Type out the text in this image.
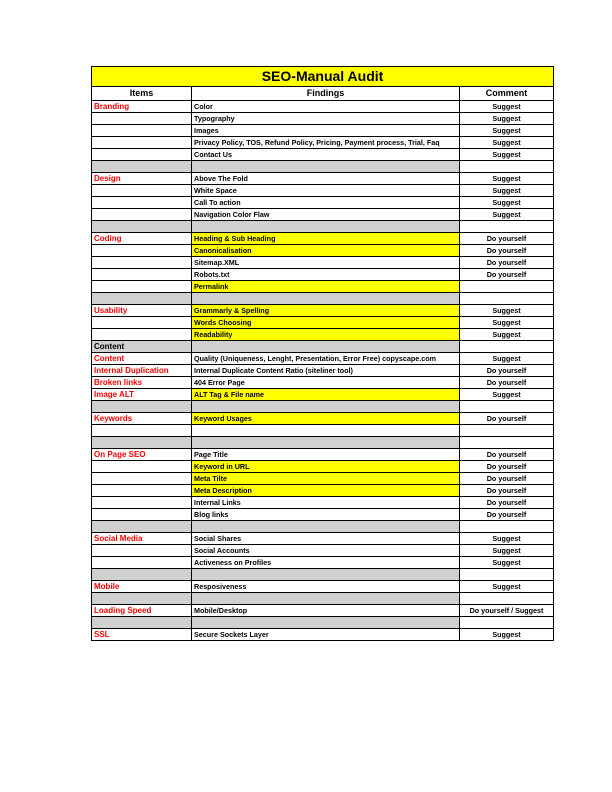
SEO-Manual Audit		
Items	Findings	Comment
Branding	Color	Suggest
	Typography	Suggest
	Images	Suggest
	Privacy Policy, TOS, Refund Policy, Pricing, Payment process, Trial, Faq	Suggest
	Contact Us	Suggest

Design	Above The Fold	Suggest
	White Space	Suggest
	Call To action	Suggest
	Navigation Color Flaw	Suggest

Coding	Heading & Sub Heading	Do yourself
	Canonicalisation	Do yourself
	Sitemap.XML	Do yourself
	Robots.txt	Do yourself
	Permalink	

Usability	Grammarly & Spelling	Suggest
	Words Choosing	Suggest
	Readability	Suggest
Content		
Content	Quality (Uniqueness, Lenght, Presentation, Error Free) copyscape.com	Suggest
Internal Duplication	Internal Duplicate Content Ratio (siteliner tool)	Do yourself
Broken links	404 Error Page	Do yourself
Image ALT	ALT Tag & File name	Suggest

Keywords	Keyword Usages	Do yourself

On Page SEO	Page Title	Do yourself
	Keyword in URL	Do yourself
	Meta Tilte	Do yourself
	Meta Description	Do yourself
	Internal Links	Do yourself
	Blog links	Do yourself

Social Media	Social Shares	Suggest
	Social Accounts	Suggest
	Activeness on Profiles	Suggest

Mobile	Resposiveness	Suggest

Loading Speed	Mobile/Desktop	Do yourself / Suggest

SSL	Secure Sockets Layer	Suggest
